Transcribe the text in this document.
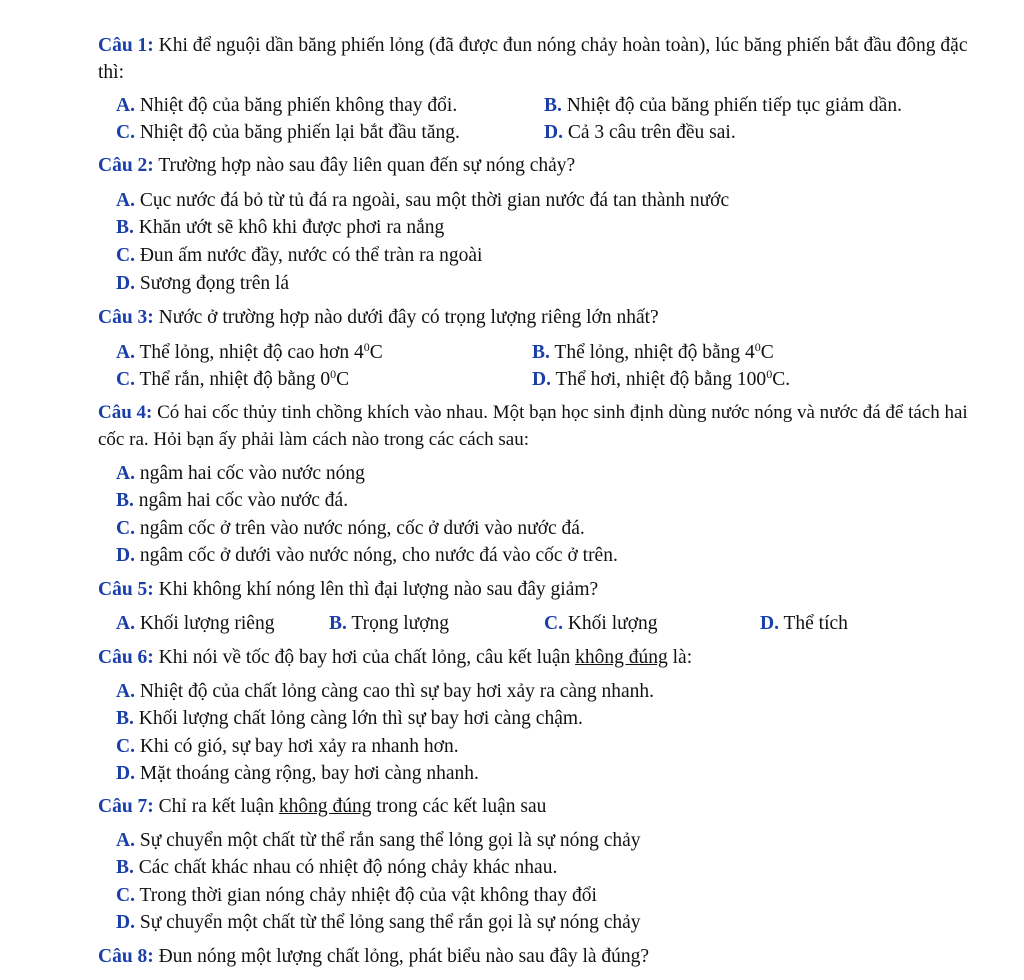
Câu 1: Khi để nguội dần băng phiến lỏng (đã được đun nóng chảy hoàn toàn), lúc băng phiến bắt đầu đông đặc thì:
A. Nhiệt độ của băng phiến không thay đổi.	B. Nhiệt độ của băng phiến tiếp tục giảm dần.
C. Nhiệt độ của băng phiến lại bắt đầu tăng.	D. Cả 3 câu trên đều sai.
Câu 2: Trường hợp nào sau đây liên quan đến sự nóng chảy?
A. Cục nước đá bỏ từ tủ đá ra ngoài, sau một thời gian nước đá tan thành nước
B. Khăn ướt sẽ khô khi được phơi ra nắng
C. Đun ấm nước đầy, nước có thể tràn ra ngoài
D. Sương đọng trên lá
Câu 3: Nước ở trường hợp nào dưới đây có trọng lượng riêng lớn nhất?
A. Thể lỏng, nhiệt độ cao hơn $4^0C$	B. Thể lỏng, nhiệt độ bằng $4^0C$
C. Thể rắn, nhiệt độ bằng $0^0C$	D. Thể hơi, nhiệt độ bằng $100^0C$.
Câu 4: Có hai cốc thủy tinh chồng khích vào nhau. Một bạn học sinh định dùng nước nóng và nước đá để tách hai cốc ra. Hỏi bạn ấy phải làm cách nào trong các cách sau:
A. ngâm hai cốc vào nước nóng
B. ngâm hai cốc vào nước đá.
C. ngâm cốc ở trên vào nước nóng, cốc ở dưới vào nước đá.
D. ngâm cốc ở dưới vào nước nóng, cho nước đá vào cốc ở trên.
Câu 5: Khi không khí nóng lên thì đại lượng nào sau đây giảm?
A. Khối lượng riêng	B. Trọng lượng	C. Khối lượng	D. Thể tích
Câu 6: Khi nói về tốc độ bay hơi của chất lỏng, câu kết luận không đúng là:
A. Nhiệt độ của chất lỏng càng cao thì sự bay hơi xảy ra càng nhanh.
B. Khối lượng chất lỏng càng lớn thì sự bay hơi càng chậm.
C. Khi có gió, sự bay hơi xảy ra nhanh hơn.
D. Mặt thoáng càng rộng, bay hơi càng nhanh.
Câu 7: Chỉ ra kết luận không đúng trong các kết luận sau
A. Sự chuyển một chất từ thể rắn sang thể lỏng gọi là sự nóng chảy
B. Các chất khác nhau có nhiệt độ nóng chảy khác nhau.
C. Trong thời gian nóng chảy nhiệt độ của vật không thay đổi
D. Sự chuyển một chất từ thể lỏng sang thể rắn gọi là sự nóng chảy
Câu 8: Đun nóng một lượng chất lỏng, phát biểu nào sau đây là đúng?
